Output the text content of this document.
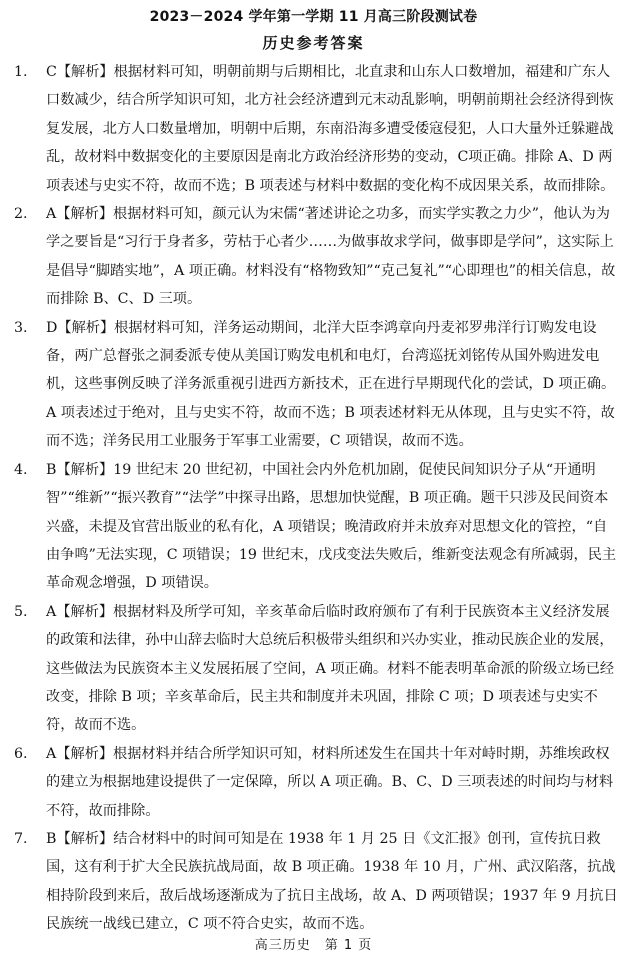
2023－2024 学年第一学期 11 月高三阶段测试卷
历史参考答案
1.	C【解析】根据材料可知，明朝前期与后期相比，北直隶和山东人口数增加，福建和广东人口数减少，结合所学知识可知，北方社会经济遭到元末动乱影响，明朝前期社会经济得到恢复发展，北方人口数量增加，明朝中后期，东南沿海多遭受倭寇侵犯，人口大量外迁躲避战乱，故材料中数据变化的主要原因是南北方政治经济形势的变动，C项正确。排除 A、D 两项表述与史实不符，故而不选；B 项表述与材料中数据的变化构不成因果关系，故而排除。
2.	A【解析】根据材料可知，颜元认为宋儒“著述讲论之功多，而实学实教之力少”，他认为为学之要旨是“习行于身者多，劳枯于心者少……为做事故求学问，做事即是学问”，这实际上是倡导“脚踏实地”，A 项正确。材料没有“格物致知”“克己复礼”“心即理也”的相关信息，故而排除 B、C、D 三项。
3.	D【解析】根据材料可知，洋务运动期间，北洋大臣李鸿章向丹麦祁罗弗洋行订购发电设备，两广总督张之洞委派专使从美国订购发电机和电灯，台湾巡抚刘铭传从国外购进发电机，这些事例反映了洋务派重视引进西方新技术，正在进行早期现代化的尝试，D 项正确。A 项表述过于绝对，且与史实不符，故而不选；B 项表述材料无从体现，且与史实不符，故而不选；洋务民用工业服务于军事工业需要，C 项错误，故而不选。
4.	B【解析】19 世纪末 20 世纪初，中国社会内外危机加剧，促使民间知识分子从“开通明智”“维新”“振兴教育”“法学”中探寻出路，思想加快觉醒，B 项正确。题干只涉及民间资本兴盛，未提及官营出版业的私有化，A 项错误；晚清政府并未放弃对思想文化的管控，“自由争鸣”无法实现，C 项错误；19 世纪末，戊戌变法失败后，维新变法观念有所减弱，民主革命观念增强，D 项错误。
5.	A【解析】根据材料及所学可知，辛亥革命后临时政府颁布了有利于民族资本主义经济发展的政策和法律，孙中山辞去临时大总统后积极带头组织和兴办实业，推动民族企业的发展，这些做法为民族资本主义发展拓展了空间，A 项正确。材料不能表明革命派的阶级立场已经改变，排除 B 项；辛亥革命后，民主共和制度并未巩固，排除 C 项；D 项表述与史实不符，故而不选。
6.	A【解析】根据材料并结合所学知识可知，材料所述发生在国共十年对峙时期，苏维埃政权的建立为根据地建设提供了一定保障，所以 A 项正确。B、C、D 三项表述的时间均与材料不符，故而排除。
7.	B【解析】结合材料中的时间可知是在 1938 年 1 月 25 日《文汇报》创刊，宣传抗日救国，这有利于扩大全民族抗战局面，故 B 项正确。1938 年 10 月，广州、武汉陷落，抗战相持阶段到来后，敌后战场逐渐成为了抗日主战场，故 A、D 两项错误；1937 年 9 月抗日民族统一战线已建立，C 项不符合史实，故而不选。
高三历史　第 1 页
